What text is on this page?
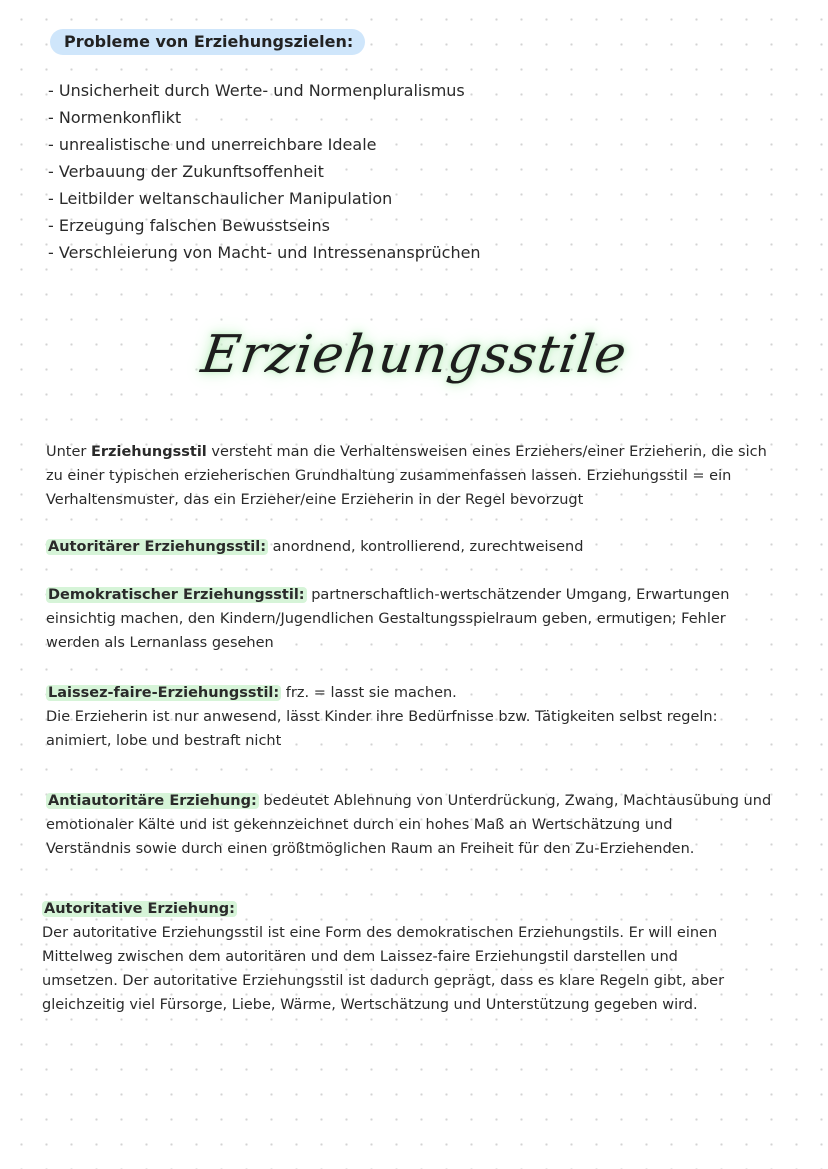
Probleme von Erziehungszielen:
- Unsicherheit durch Werte- und Normenpluralismus
- Normenkonflikt
- unrealistische und unerreichbare Ideale
- Verbauung der Zukunftsoffenheit
- Leitbilder weltanschaulicher Manipulation
- Erzeugung falschen Bewusstseins
- Verschleierung von Macht- und Intressenansprüchen
Erziehungsstile

Unter Erziehungsstil versteht man die Verhaltensweisen eines Erziehers/einer Erzieherin, die sich
zu einer typischen erzieherischen Grundhaltung zusammenfassen lassen. Erziehungsstil = ein
Verhaltensmuster, das ein Erzieher/eine Erzieherin in der Regel bevorzugt

Autoritärer Erziehungsstil: anordnend, kontrollierend, zurechtweisend

Demokratischer Erziehungsstil: partnerschaftlich-wertschätzender Umgang, Erwartungen
einsichtig machen, den Kindern/Jugendlichen Gestaltungsspielraum geben, ermutigen; Fehler
werden als Lernanlass gesehen

Laissez-faire-Erziehungsstil: frz. = lasst sie machen.
Die Erzieherin ist nur anwesend, lässt Kinder ihre Bedürfnisse bzw. Tätigkeiten selbst regeln:
animiert, lobe und bestraft nicht

Antiautoritäre Erziehung: bedeutet Ablehnung von Unterdrückung, Zwang, Machtausübung und
emotionaler Kälte und ist gekennzeichnet durch ein hohes Maß an Wertschätzung und
Verständnis sowie durch einen größtmöglichen Raum an Freiheit für den Zu-Erziehenden.

Autoritative Erziehung:
Der autoritative Erziehungsstil ist eine Form des demokratischen Erziehungstils. Er will einen
Mittelweg zwischen dem autoritären und dem Laissez-faire Erziehungstil darstellen und
umsetzen. Der autoritative Erziehungsstil ist dadurch geprägt, dass es klare Regeln gibt, aber
gleichzeitig viel Fürsorge, Liebe, Wärme, Wertschätzung und Unterstützung gegeben wird.
